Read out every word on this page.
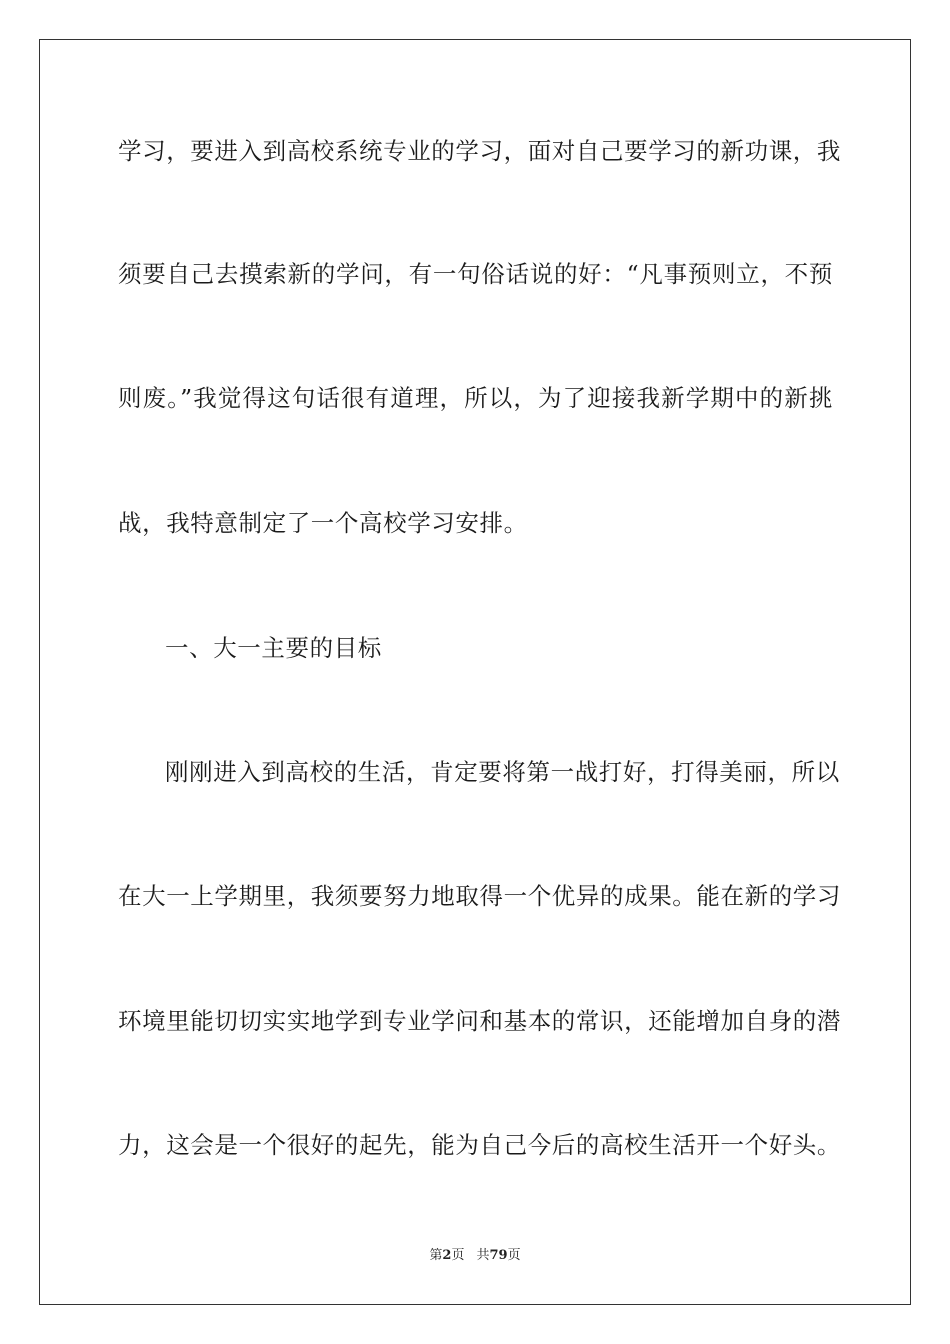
学习，要进入到高校系统专业的学习，面对自己要学习的新功课，我
须要自己去摸索新的学问，有一句俗话说的好：“凡事预则立，不预
则废。”我觉得这句话很有道理，所以，为了迎接我新学期中的新挑
战，我特意制定了一个高校学习安排。
一、大一主要的目标
刚刚进入到高校的生活，肯定要将第一战打好，打得美丽，所以
在大一上学期里，我须要努力地取得一个优异的成果。能在新的学习
环境里能切切实实地学到专业学问和基本的常识，还能增加自身的潜
力，这会是一个很好的起先，能为自己今后的高校生活开一个好头。
第2页 共79页
